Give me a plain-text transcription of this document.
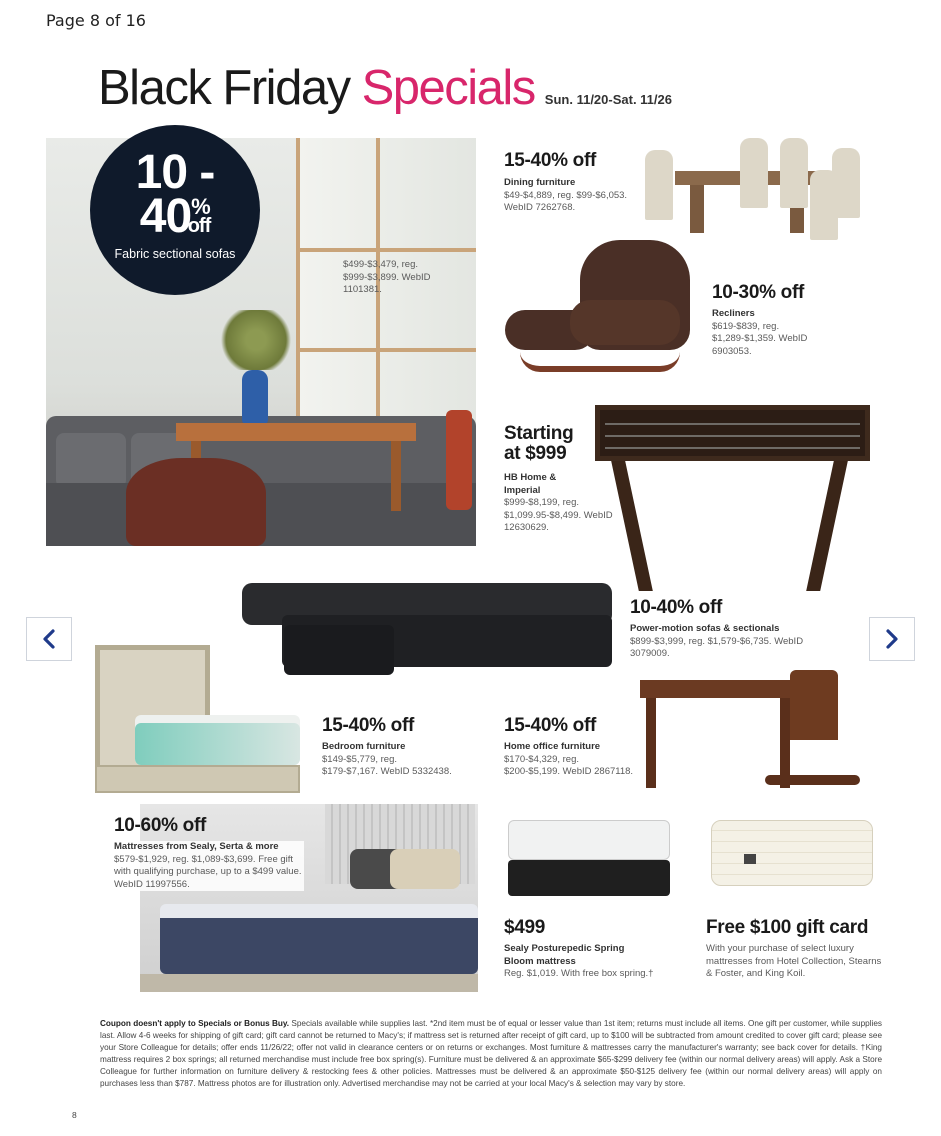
Page 8 of 16
Black Friday Specials Sun. 11/20-Sat. 11/26
10 -
40%off
Fabric sectional sofas
$499-$3,479, reg. $999-$3,899. WebID 1101381.
15-40% off
Dining furniture
$49-$4,889, reg. $99-$6,053. WebID 7262768.
10-30% off
Recliners
$619-$839, reg. $1,289-$1,359. WebID 6903053.
Starting
at $999
HB Home & Imperial
$999-$8,199, reg. $1,099.95-$8,499. WebID 12630629.
10-40% off
Power-motion sofas & sectionals
$899-$3,999, reg. $1,579-$6,735. WebID 3079009.
15-40% off
Bedroom furniture
$149-$5,779, reg. $179-$7,167. WebID 5332438.
15-40% off
Home office furniture
$170-$4,329, reg. $200-$5,199. WebID 2867118.
10-60% off
Mattresses from Sealy, Serta & more
$579-$1,929, reg. $1,089-$3,699. Free gift with qualifying purchase, up to a $499 value. WebID 11997556.
$499
Sealy Posturepedic Spring Bloom mattress
Reg. $1,019. With free box spring.†
Free $100 gift card
With your purchase of select luxury mattresses from Hotel Collection, Stearns & Foster, and King Koil.
Coupon doesn't apply to Specials or Bonus Buy. Specials available while supplies last. *2nd item must be of equal or lesser value than 1st item; returns must include all items. One gift per customer, while supplies last. Allow 4-6 weeks for shipping of gift card; gift card cannot be returned to Macy's; if mattress set is returned after receipt of gift card, up to $100 will be subtracted from amount credited to cover gift card; please see your Store Colleague for details; offer ends 11/26/22; offer not valid in clearance centers or on returns or exchanges. Most furniture & mattresses carry the manufacturer's warranty; see back cover for details. †King mattress requires 2 box springs; all returned merchandise must include free box spring(s). Furniture must be delivered & an approximate $65-$299 delivery fee (within our normal delivery areas) will apply. Ask a Store Colleague for further information on furniture delivery & restocking fees & other policies. Mattresses must be delivered & an approximate $50-$125 delivery fee (within our normal delivery areas) will apply on purchases less than $787. Mattress photos are for illustration only. Advertised merchandise may not be carried at your local Macy's & selection may vary by store.
8
